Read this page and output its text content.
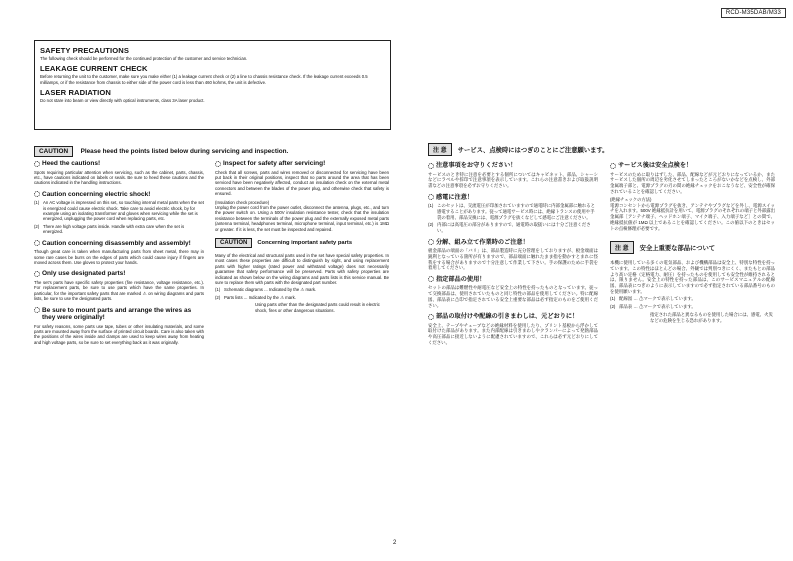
RCD-M35DAB/M33
SAFETY PRECAUTIONS

The following check should be performed for the continued protection of the customer and service technician.

LEAKAGE CURRENT CHECK

Before returning the unit to the customer, make sure you make either (1) a leakage current check or (2) a line to chassis resistance check. If the leakage current exceeds 0.5 milliamps, or if the resistance from chassis to either side of the power cord is less than 460 kohms, the unit is defective.

LASER RADIATION

Do not stare into beam or view directly with optical instruments, class 3A laser product.

CAUTION Please heed the points listed below during servicing and inspection.
Heed the cautions!

Spots requiring particular attention when servicing, such as the cabinet, parts, chassis, etc., have cautions indicated on labels or seals. Be sure to heed these cautions and the cautions indicated in the handling instructions.

Caution concerning electric shock!
(1) An AC voltage is impressed on this set, so touching internal metal parts when the set is energized could cause electric shock. Take care to avoid electric shock, by for example using an isolating transformer and gloves when servicing while the set is energized, unplugging the power cord when replacing parts, etc.
(2) There are high voltage parts inside. Handle with extra care when the set is energized.
Caution concerning disassembly and assembly!

Though great care is taken when manufacturing parts from sheet metal, there may in some rare cases be burrs on the edges of parts which could cause injury if fingers are moved across them. Use gloves to protect your hands.

Only use designated parts!

The set's parts have specific safety properties (fire resistance, voltage resistance, etc.). For replacement parts, be sure to use parts which have the same properties. In particular, for the important safety parts that are marked ⚠ on wiring diagrams and parts lists, be sure to use the designated parts.

Be sure to mount parts and arrange the wires as they were originally!

For safety reasons, some parts use tape, tubes or other insulating materials, and some parts are mounted away from the surface of printed circuit boards. Care is also taken with the positions of the wires inside and clamps are used to keep wires away from heating and high voltage parts, so be sure to set everything back as it was originally.

Inspect for safety after servicing!

Check that all screws, parts and wires removed or disconnected for servicing have been put back in their original positions, inspect that no parts around the area that has been serviced have been negatively affected, conduct an insulation check on the external metal connectors and between the blades of the power plug, and otherwise check that safety is ensured.

(Insulation check procedure)

Unplug the power cord from the power outlet, disconnect the antenna, plugs, etc., and turn the power switch on. Using a 500V insulation resistance tester, check that the insulation resistance between the terminals of the power plug and the externally exposed metal parts (antenna terminal, headphones terminal, microphone terminal, input terminal, etc.) is 1MΩ or greater. If it is less, the set must be inspected and repaired.

CAUTION	Concerning important safety parts

Many of the electrical and structural parts used in the set have special safety properties. In most cases these properties are difficult to distinguish by sight, and using replacement parts with higher ratings (rated power and withstand voltage) does not necessarily guarantee that safety performance will be preserved. Parts with safety properties are indicated as shown below on the wiring diagrams and parts lists is this service manual. Be sure to replace them with parts with the designated part number.

(1) Schematic diagrams ... Indicated by the ⚠ mark.
(2) Parts lists ... Indicated by the ⚠ mark.
Using parts other than the designated parts could result in electric shock, fires or other dangerous situations.
注 意	サービス、点検時にはつぎのことにご注意願います。
注意事項をお守りください！

サービスのとき特に注意を必要とする個所についてはキャビネット、部品、シャーシなどにラベルや捺印で注意事項を表示しています。これらの注意書きおよび取扱説明書などの注意事項を必ずお守りください。

感電に注意！
(1) このセットは、交流電圧が印加されていますので通電時に内部金属部に触れると感電することがあります。従って通電サービス時には、絶縁トランスの使用や手袋の着用、部品交換には、電源プラグを抜くなどして感電にご注意ください。
(2) 内部には高電圧の部分がありますので、通電時の取扱いには十分ご注意ください。
分解、組み立て作業時のご注意！

板金部品の端面の「バリ」は、部品製造時に充分管理をしておりますが、板金端面は鋭利となっている箇所が有りますので、部品端面に触れたまま指を動かすとまれに怪我をする場合がありますので十分注意して作業して下さい。手の保護のために手袋を着用してください。

指定部品の使用！

セットの部品は難燃性や耐電圧など安全上の特性を持ったものとなっています。従って交換部品は、使用されていたものと同じ特性の部品を使用してください。特に配線図、部品表に⚠印で指定されている安全上重要な部品は必ず指定のものをご使用ください。

部品の取付けや配線の引きまわしは、元どおりに！

安全上、テープやチューブなどの絶縁材料を使用したり、プリント基板から浮かして取付けた部品があります。また内部配線は引きまわしやクランパーによって発熱部品や高圧部品に接近しないように配慮されていますので、これらは必ず元どおりにしてください。

サービス後は安全点検を！

サービスのために取りはずした、部品、配線などが元どおりになっているか、またサービスした個所の周辺を劣化させてしまったところがないかなどを点検し、外部金属端子部と、電源プラグの刃の間の絶縁チェックをおこなうなど、安全性が確保されていることを確認してください。

(絶縁チェックの方法)

電源コンセントから電源プラグを抜き、アンテナやプラグなどを外し、電源スイッチを入れます。500V 絶縁抵抗計を用いて、電源プラグのそれぞれの端子と外部露出金属部［アンテナ端子、ヘッドホン端子、マイク端子、入力端子など］との間で、絶縁抵抗値が 1MΩ 以上であることを確認してください。この値以下のときはセットの点検修理が必要です。

注 意	安全上重要な部品について

本機に使用している多くの電気部品、および機構部品は安全上、特別な特性を持っています。この特性はほとんどの場合、外観では判別つきにくく、またもとの部品より高い定格（定格電力、耐圧）を持ったものを使用しても安全性が維持されるとは、限りません。安全上の特性を持った部品は、このサービスマニュアルの配線図、部品表につぎのように表示していますので必ず指定されている部品番号のものを使用願います。

(1) 配線図 … ⚠マークで表示しています。
(2) 部品表 … ⚠マークで表示しています。
指定された部品と異なるものを使用した場合には、感電、火災などの危険を生じる恐れがあります。
2
